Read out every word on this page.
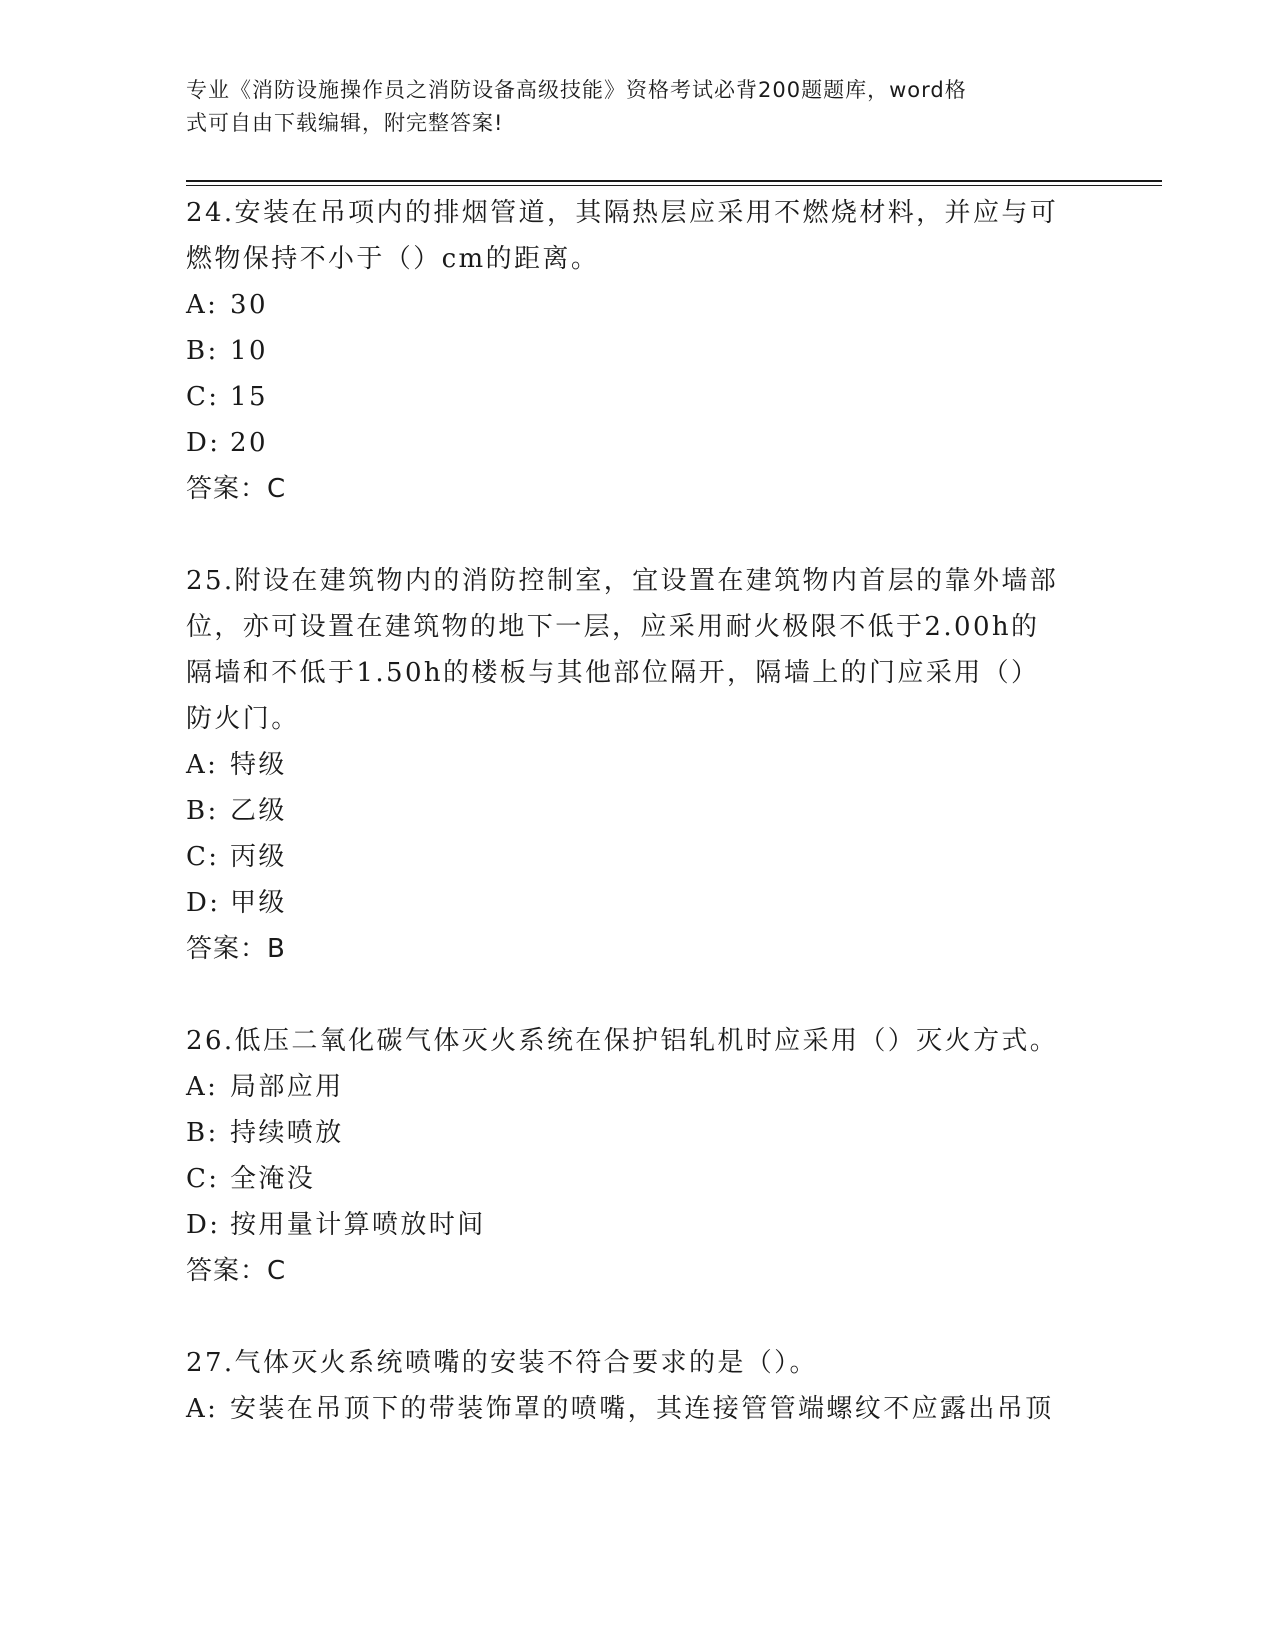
专业《消防设施操作员之消防设备高级技能》资格考试必背200题题库，word格
式可自由下载编辑，附完整答案!

24.安装在吊项内的排烟管道，其隔热层应采用不燃烧材料，并应与可

燃物保持不小于（）cm的距离。

A: 30

B: 10

C: 15

D: 20

答案：C

25.附设在建筑物内的消防控制室，宜设置在建筑物内首层的靠外墙部

位，亦可设置在建筑物的地下一层，应采用耐火极限不低于2.00h的

隔墙和不低于1.50h的楼板与其他部位隔开，隔墙上的门应采用（）

防火门。

A: 特级

B: 乙级

C: 丙级

D: 甲级

答案：B

26.低压二氧化碳气体灭火系统在保护铝轧机时应采用（）灭火方式。

A: 局部应用

B: 持续喷放

C: 全淹没

D: 按用量计算喷放时间

答案：C

27.气体灭火系统喷嘴的安装不符合要求的是（）。

A: 安装在吊顶下的带装饰罩的喷嘴，其连接管管端螺纹不应露出吊顶
